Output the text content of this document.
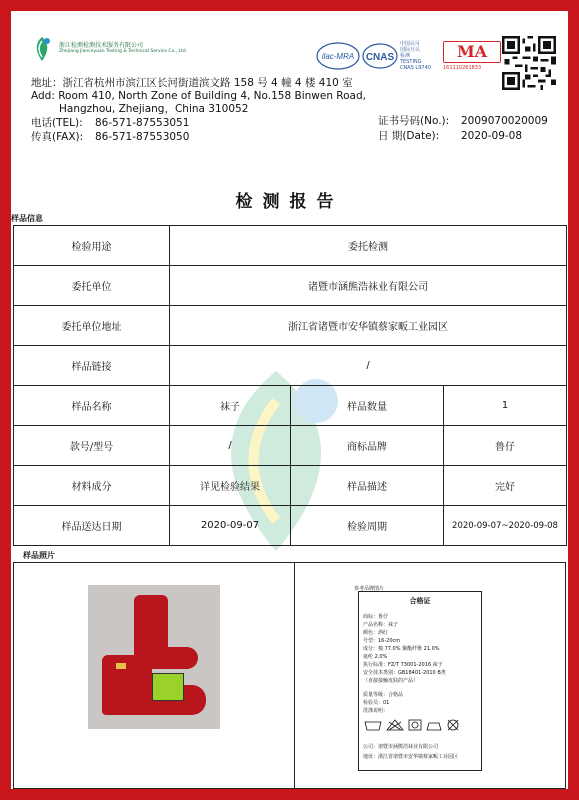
浙江检测检测技术服务有限公司
Zhejiang Jianceyuan Testing & Technical Service Co., Ltd.
ilac-MRA CNAS
中国认可
国际互认
检测
TESTING
CNAS L9740
MA
161110261833
地址：浙江省杭州市滨江区长河街道滨文路 158 号 4 幢 4 楼 410 室
Add: Room 410, North Zone of Building 4, No.158 Binwen Road,
Hangzhou, Zhejiang，China 310052
电话(TEL): 86-571-87553051
传真(FAX): 86-571-87553050
证书号码(No.): 2009070020009
日 期(Date): 2020-09-08
检测报告
样品信息
检验用途	委托检测		
委托单位	诸暨市涵熊浩袜业有限公司		
委托单位地址	浙江省诸暨市安华镇蔡家畈工业园区		
样品链接	/		
样品名称	袜子	样品数量	1
款号/型号	/	商标品牌	鲁仔
材料成分	详见检验结果	样品描述	完好
样品送达日期	2020-09-07	检验周期	2020-09-07~2020-09-08
样品照片
参考吊牌图片
合格证
商标：鲁仔
产品名称：袜子
颜色：酒红
号型：16-20cm
成分：棉 77.0% 聚酯纤维 21.0%
氨纶 2.0%
执行标准：FZ/T 73001-2016 袜子
安全技术类别：GB18401-2010 B类
（直接接触皮肤的产品）
质量等级：合格品
检验员：01
洗涤说明：
公司：诸暨市涵熊浩袜业有限公司
地址：浙江省诸暨市安华镇蔡家畈工业园区
